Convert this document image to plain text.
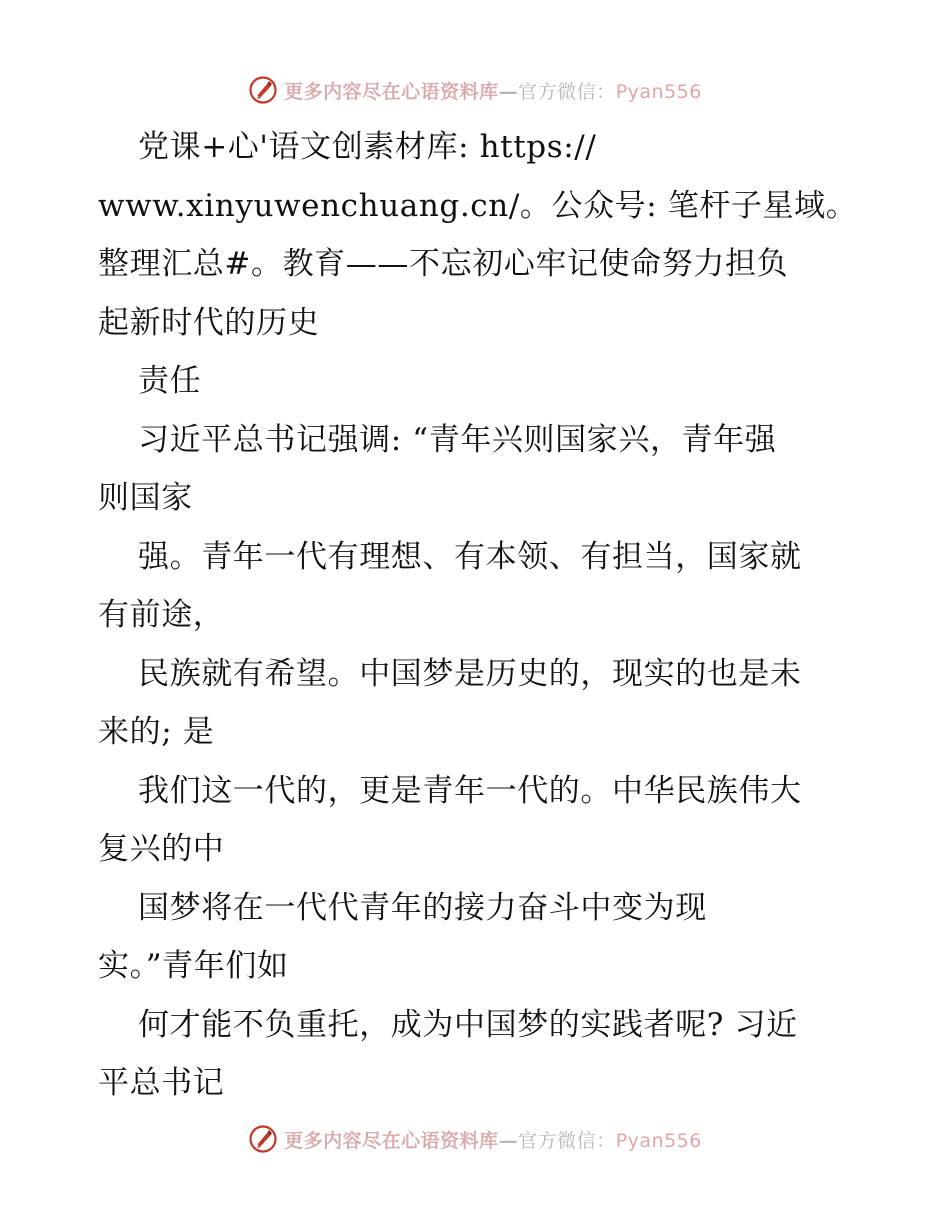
更多内容尽在心语资料库—官方微信：Pyan556
党课+心'语文创素材库: https://
www.xinyuwenchuang.cn/。公众号: 笔杆子星域。
整理汇总#。教育——不忘初心牢记使命努力担负
起新时代的历史
责任
习近平总书记强调: “青年兴则国家兴，青年强
则国家
强。青年一代有理想、有本领、有担当，国家就
有前途，
民族就有希望。中国梦是历史的，现实的也是未
来的; 是
我们这一代的，更是青年一代的。中华民族伟大
复兴的中
国梦将在一代代青年的接力奋斗中变为现
实。”青年们如
何才能不负重托，成为中国梦的实践者呢? 习近
平总书记
更多内容尽在心语资料库—官方微信：Pyan556
